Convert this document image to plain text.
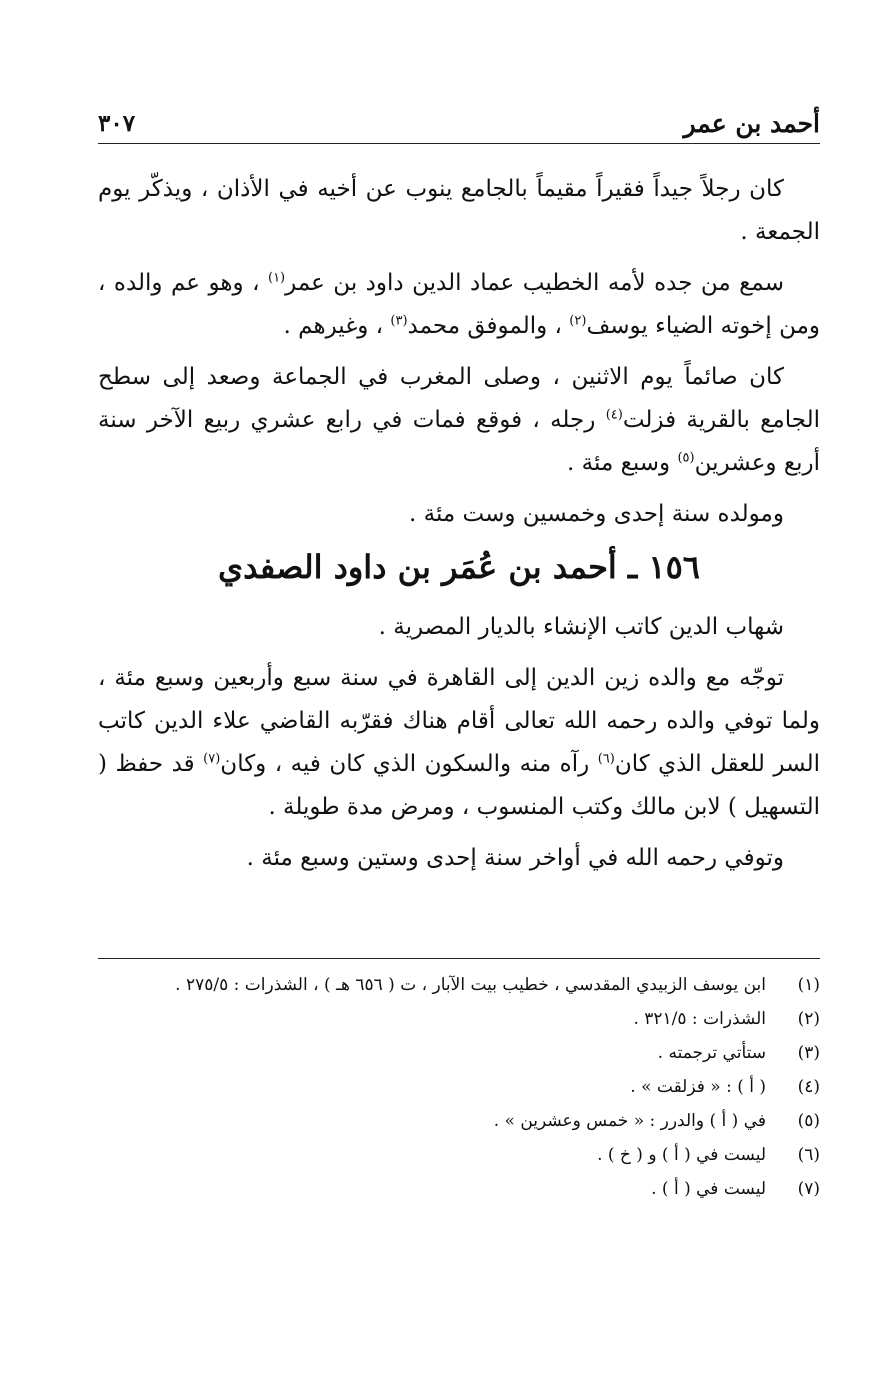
أحمد بن عمر
٣٠٧

كان رجلاً جيداً فقيراً مقيماً بالجامع ينوب عن أخيه في الأذان ، ويذكّر يوم الجمعة .

سمع من جده لأمه الخطيب عماد الدين داود بن عمر$^{(١)}$ ، وهو عم والده ، ومن إخوته الضياء يوسف$^{(٢)}$ ، والموفق محمد$^{(٣)}$ ، وغيرهم .

كان صائماً يوم الاثنين ، وصلى المغرب في الجماعة وصعد إلى سطح الجامع بالقرية فزلت$^{(٤)}$ رجله ، فوقع فمات في رابع عشري ربيع الآخر سنة أربع وعشرين$^{(٥)}$ وسبع مئة .

ومولده سنة إحدى وخمسين وست مئة .

١٥٦ ـ أحمد بن عُمَر بن داود الصفدي

شهاب الدين كاتب الإنشاء بالديار المصرية .

توجّه مع والده زين الدين إلى القاهرة في سنة سبع وأربعين وسبع مئة ، ولما توفي والده رحمه الله تعالى أقام هناك فقرّبه القاضي علاء الدين كاتب السر للعقل الذي كان$^{(٦)}$ رآه منه والسكون الذي كان فيه ، وكان$^{(٧)}$ قد حفظ ( التسهيل ) لابن مالك وكتب المنسوب ، ومرض مدة طويلة .

وتوفي رحمه الله في أواخر سنة إحدى وستين وسبع مئة .

(١)
ابن يوسف الزبيدي المقدسي ، خطيب بيت الآبار ، ت ( ٦٥٦ هـ ) ، الشذرات : ٢٧٥/٥ .
(٢)
الشذرات : ٣٢١/٥ .
(٣)
ستأتي ترجمته .
(٤)
( أ ) : « فزلقت » .
(٥)
في ( أ ) والدرر : « خمس وعشرين » .
(٦)
ليست في ( أ ) و ( خ ) .
(٧)
ليست في ( أ ) .
